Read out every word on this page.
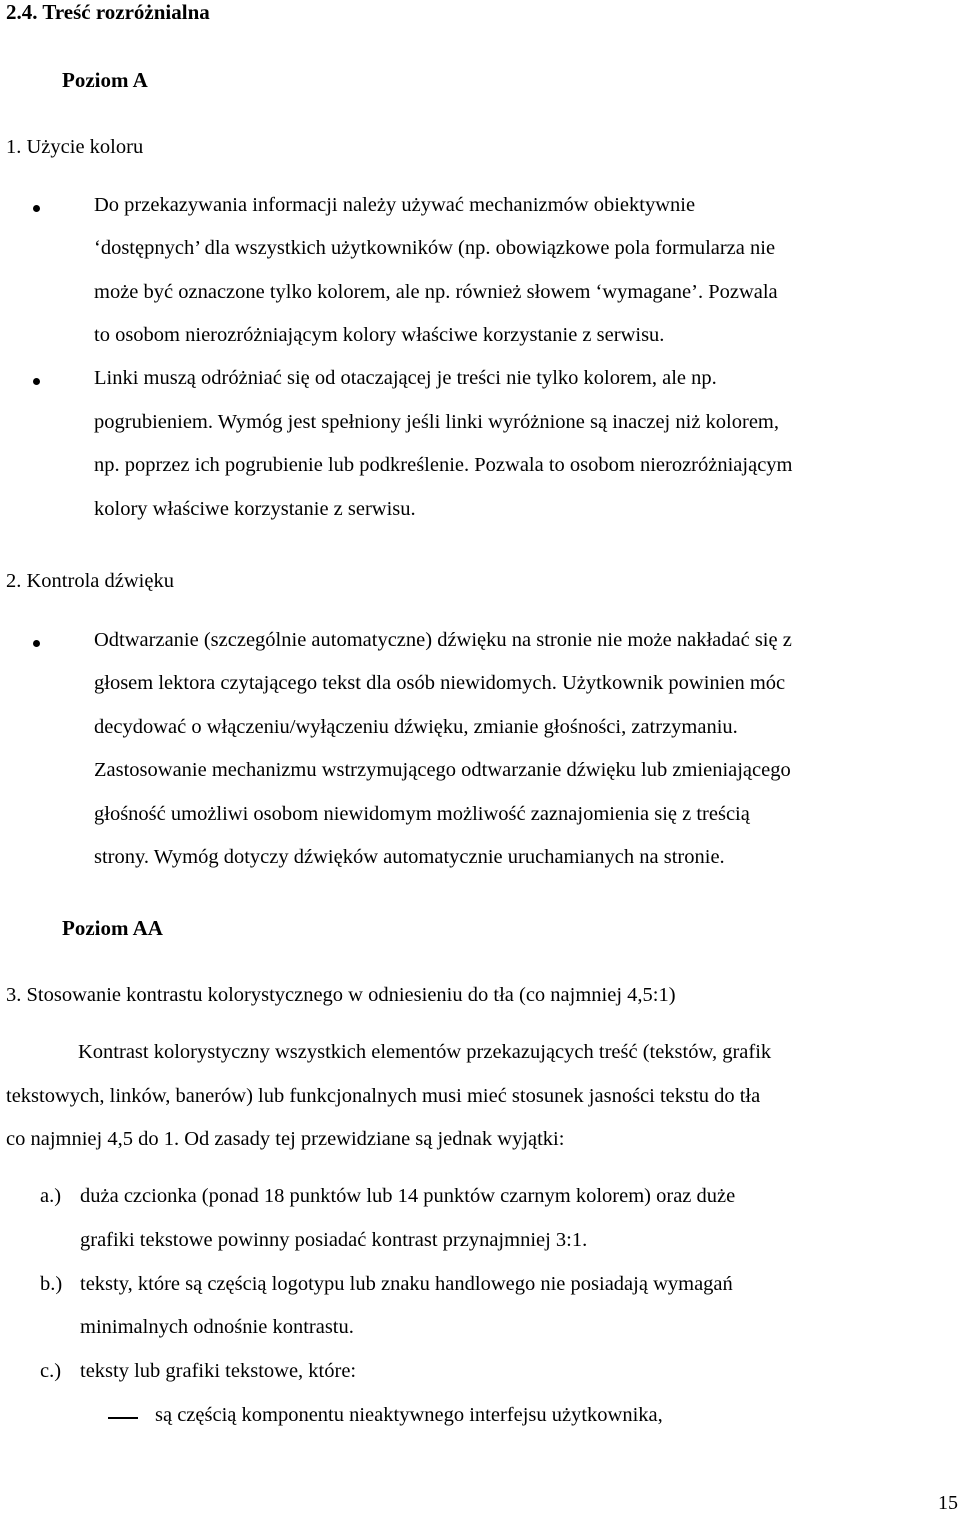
2.4. Treść rozróżnialna
Poziom A
1. Użycie koloru
Do przekazywania informacji należy używać mechanizmów obiektywnie
‘dostępnych’ dla wszystkich użytkowników (np. obowiązkowe pola formularza nie
może być oznaczone tylko kolorem, ale np. również słowem ‘wymagane’. Pozwala
to osobom nierozróżniającym kolory właściwe korzystanie z serwisu.
Linki muszą odróżniać się od otaczającej je treści nie tylko kolorem, ale np.
pogrubieniem. Wymóg jest spełniony jeśli linki wyróżnione są inaczej niż kolorem,
np. poprzez ich pogrubienie lub podkreślenie. Pozwala to osobom nierozróżniającym
kolory właściwe korzystanie z serwisu.
2. Kontrola dźwięku
Odtwarzanie (szczególnie automatyczne) dźwięku na stronie nie może nakładać się z
głosem lektora czytającego tekst dla osób niewidomych. Użytkownik powinien móc
decydować o włączeniu/wyłączeniu dźwięku, zmianie głośności, zatrzymaniu.
Zastosowanie mechanizmu wstrzymującego odtwarzanie dźwięku lub zmieniającego
głośność umożliwi osobom niewidomym możliwość zaznajomienia się z treścią
strony. Wymóg dotyczy dźwięków automatycznie uruchamianych na stronie.
Poziom AA
3. Stosowanie kontrastu kolorystycznego w odniesieniu do tła (co najmniej 4,5:1)
Kontrast kolorystyczny wszystkich elementów przekazujących treść (tekstów, grafik
tekstowych, linków, banerów) lub funkcjonalnych musi mieć stosunek jasności tekstu do tła
co najmniej 4,5 do 1. Od zasady tej przewidziane są jednak wyjątki:
a.) duża czcionka (ponad 18 punktów lub 14 punktów czarnym kolorem) oraz duże
grafiki tekstowe powinny posiadać kontrast przynajmniej 3:1.
b.) teksty, które są częścią logotypu lub znaku handlowego nie posiadają wymagań
minimalnych odnośnie kontrastu.
c.) teksty lub grafiki tekstowe, które:
są częścią komponentu nieaktywnego interfejsu użytkownika,
15
